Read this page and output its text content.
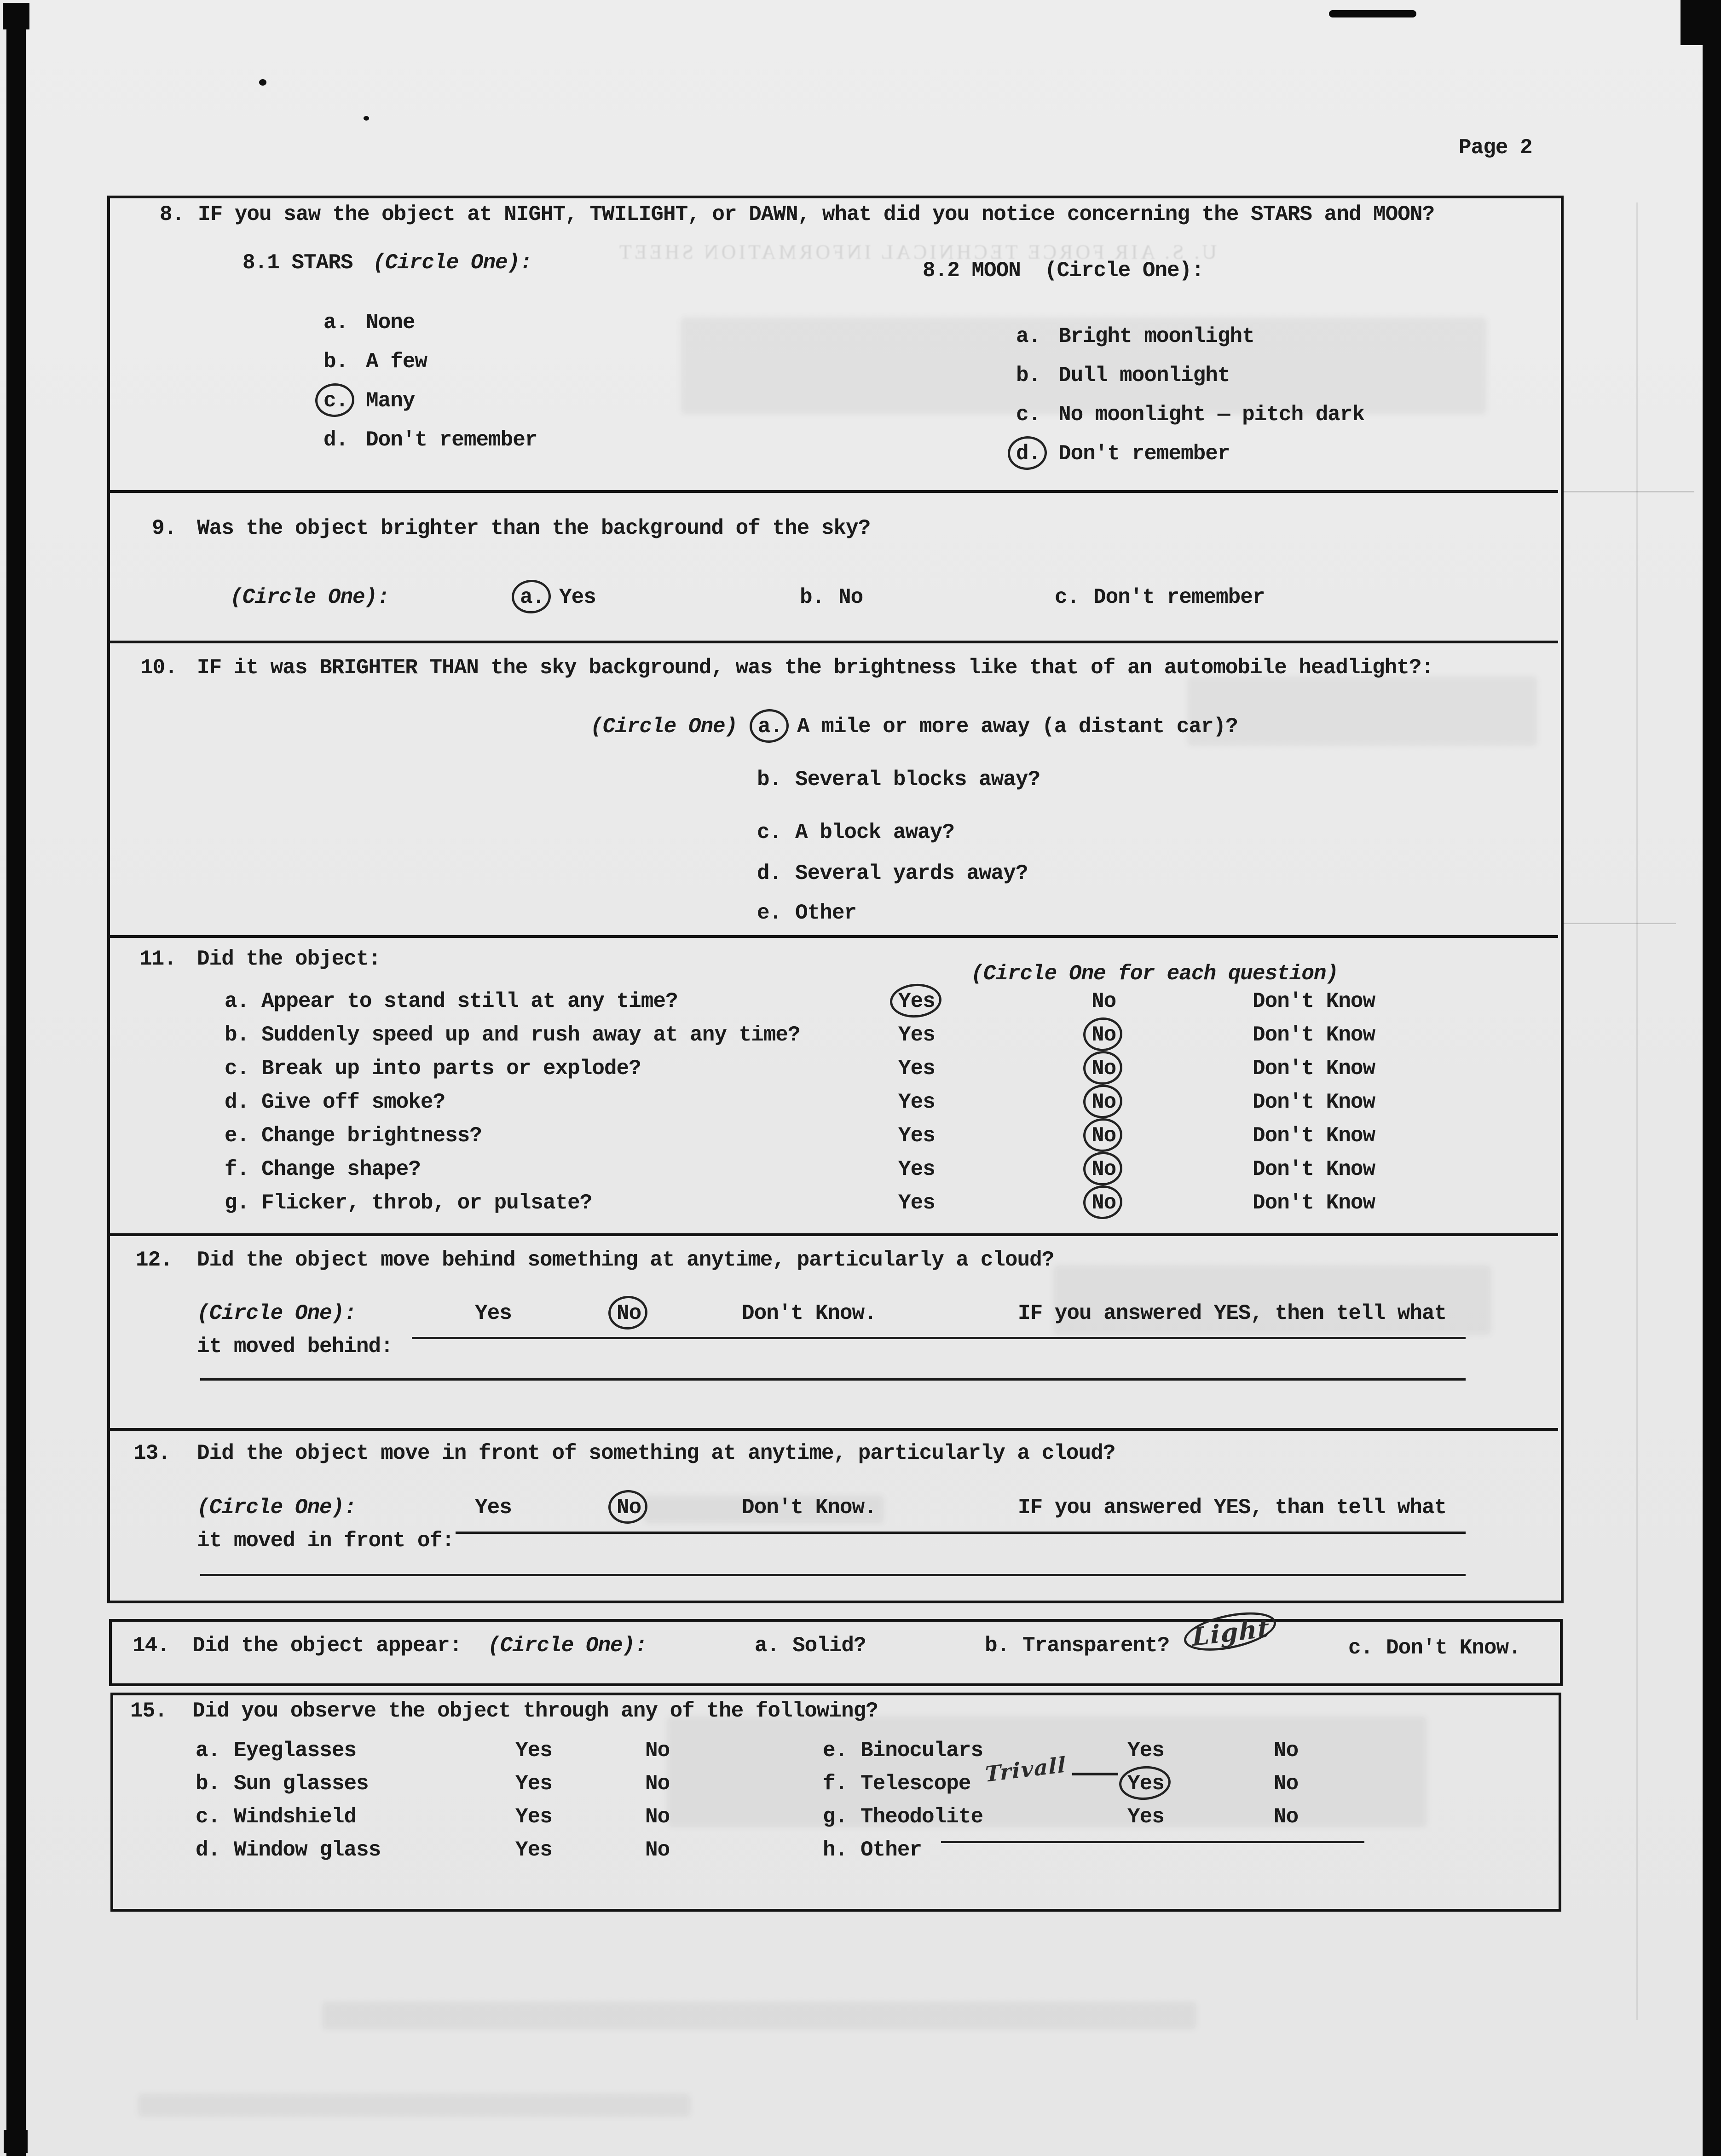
U. S. AIR FORCE TECHNICAL INFORMATION SHEET
Page 2
8. IF you saw the object at NIGHT, TWILIGHT, or DAWN, what did you notice concerning the STARS and MOON?
8.1 STARS (Circle One):	8.2 MOON (Circle One):
a. None
b. A few
c. Many
d. Don't remember
a. Bright moonlight
b. Dull moonlight
c. No moonlight — pitch dark
d. Don't remember
9. Was the object brighter than the background of the sky?
(Circle One):	a. Yes	b. No	c. Don't remember
10. IF it was BRIGHTER THAN the sky background, was the brightness like that of an automobile headlight?:
(Circle One) a. A mile or more away (a distant car)?
b. Several blocks away?
c. A block away?
d. Several yards away?
e. Other
11. Did the object:
(Circle One for each question)
a. Appear to stand still at any time?	Yes	No	Don't Know
b. Suddenly speed up and rush away at any time?	Yes	No	Don't Know
c. Break up into parts or explode?	Yes	No	Don't Know
d. Give off smoke?	Yes	No	Don't Know
e. Change brightness?	Yes	No	Don't Know
f. Change shape?	Yes	No	Don't Know
g. Flicker, throb, or pulsate?	Yes	No	Don't Know
12. Did the object move behind something at anytime, particularly a cloud?
(Circle One):	Yes	No	Don't Know.	IF you answered YES, then tell what
it moved behind:
13. Did the object move in front of something at anytime, particularly a cloud?
(Circle One):	Yes	No	Don't Know.	IF you answered YES, than tell what
it moved in front of:
14. Did the object appear: (Circle One):	a. Solid?	b. Transparent? Light	c. Don't Know.
15. Did you observe the object through any of the following?
a. Eyeglasses	Yes	No
b. Sun glasses	Yes	No
c. Windshield	Yes	No
d. Window glass	Yes	No
e. Binoculars	Yes	No
f. Telescope Trivall	Yes	No
g. Theodolite	Yes	No
h. Other
